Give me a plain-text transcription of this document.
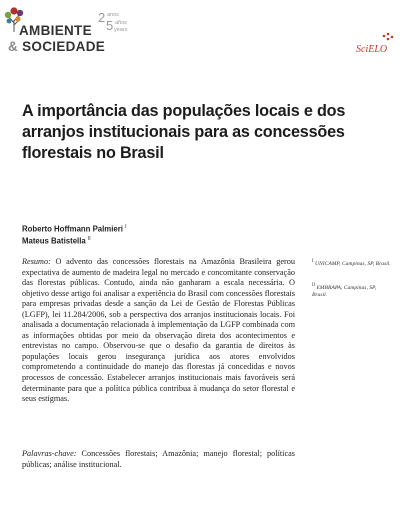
AMBIENTE
& SOCIEDADE
2
5
anos
años
years
SciELO
A importância das populações locais e dos arranjos institucionais para as concessões florestais no Brasil
Roberto Hoffmann Palmieri $^I$
Mateus Batistella $^{II}$

Resumo: O advento das concessões florestais na Amazônia Brasileira gerou expectativa de aumento de madeira legal no mercado e concomitante conservação das florestas públicas. Contudo, ainda não ganharam a escala necessária. O objetivo desse artigo foi analisar a experiência do Brasil com concessões florestais para empresas privadas desde a sanção da Lei de Gestão de Florestas Públicas (LGFP), lei 11.284/2006, sob a perspectiva dos arranjos institucionais locais. Foi analisada a documentação relacionada à implementação da LGFP combinada com as informações obtidas por meio da observação direta dos acontecimentos e entrevistas no campo. Observou-se que o desafio da garantia de direitos às populações locais gerou insegurança jurídica aos atores envolvidos comprometendo a continuidade do manejo das florestas já concedidas e novos processos de concessão. Estabelecer arranjos institucionais mais favoráveis será determinante para que a política pública contribua à mudança do setor florestal e seus estigmas.

Palavras-chave: Concessões florestais; Amazônia; manejo florestal; políticas públicas; análise institucional.

$^I$ UNICAMP, Campinas, SP, Brasil.

$^{II}$ EMBRAPA, Campinas, SP, Brasil.
